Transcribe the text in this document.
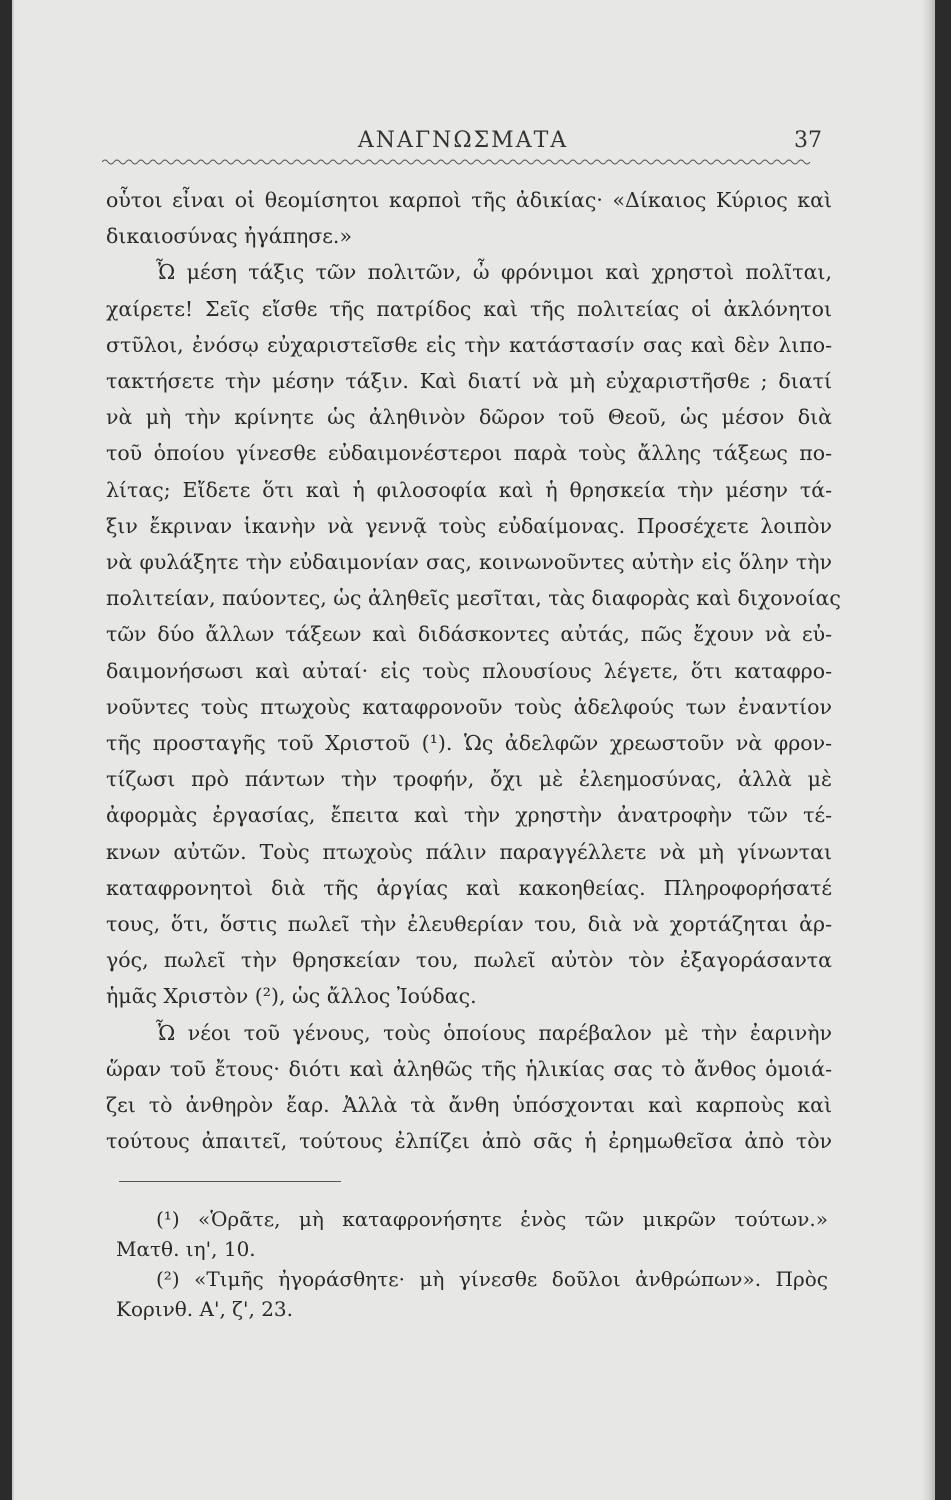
ΑΝΑΓΝΩΣΜΑΤΑ	37
οὗτοι εἶναι οἱ θεομίσητοι καρποὶ τῆς ἀδικίας· «Δίκαιος Κύριος καὶ
δικαιοσύνας ἠγάπησε.»
Ὦ μέση τάξις τῶν πολιτῶν, ὦ φρόνιμοι καὶ χρηστοὶ πολῖται,
χαίρετε! Σεῖς εἴσθε τῆς πατρίδος καὶ τῆς πολιτείας οἱ ἀκλόνητοι
στῦλοι, ἐνόσῳ εὐχαριστεῖσθε εἰς τὴν κατάστασίν σας καὶ δὲν λιπο-
τακτήσετε τὴν μέσην τάξιν. Καὶ διατί νὰ μὴ εὐχαριστῆσθε ; διατί
νὰ μὴ τὴν κρίνητε ὡς ἀληθινὸν δῶρον τοῦ Θεοῦ, ὡς μέσον διὰ
τοῦ ὁποίου γίνεσθε εὐδαιμονέστεροι παρὰ τοὺς ἄλλης τάξεως πο-
λίτας; Εἴδετε ὅτι καὶ ἡ φιλοσοφία καὶ ἡ θρησκεία τὴν μέσην τά-
ξιν ἔκριναν ἱκανὴν νὰ γεννᾷ τοὺς εὐδαίμονας. Προσέχετε λοιπὸν
νὰ φυλάξητε τὴν εὐδαιμονίαν σας, κοινωνοῦντες αὐτὴν εἰς ὅλην τὴν
πολιτείαν, παύοντες, ὡς ἀληθεῖς μεσῖται, τὰς διαφορὰς καὶ διχονοίας
τῶν δύο ἄλλων τάξεων καὶ διδάσκοντες αὐτάς, πῶς ἔχουν νὰ εὐ-
δαιμονήσωσι καὶ αὐταί· εἰς τοὺς πλουσίους λέγετε, ὅτι καταφρο-
νοῦντες τοὺς πτωχοὺς καταφρονοῦν τοὺς ἀδελφούς των ἐναντίον
τῆς προσταγῆς τοῦ Χριστοῦ (¹). Ὡς ἀδελφῶν χρεωστοῦν νὰ φρον-
τίζωσι πρὸ πάντων τὴν τροφήν, ὄχι μὲ ἐλεημοσύνας, ἀλλὰ μὲ
ἀφορμὰς ἐργασίας, ἔπειτα καὶ τὴν χρηστὴν ἀνατροφὴν τῶν τέ-
κνων αὐτῶν. Τοὺς πτωχοὺς πάλιν παραγγέλλετε νὰ μὴ γίνωνται
καταφρονητοὶ διὰ τῆς ἀργίας καὶ κακοηθείας. Πληροφορήσατέ
τους, ὅτι, ὅστις πωλεῖ τὴν ἐλευθερίαν του, διὰ νὰ χορτάζηται ἀρ-
γός, πωλεῖ τὴν θρησκείαν του, πωλεῖ αὐτὸν τὸν ἐξαγοράσαντα
ἡμᾶς Χριστὸν (²), ὡς ἄλλος Ἰούδας.
Ὦ νέοι τοῦ γένους, τοὺς ὁποίους παρέβαλον μὲ τὴν ἐαρινὴν
ὥραν τοῦ ἔτους· διότι καὶ ἀληθῶς τῆς ἡλικίας σας τὸ ἄνθος ὁμοιά-
ζει τὸ ἀνθηρὸν ἔαρ. Ἀλλὰ τὰ ἄνθη ὑπόσχονται καὶ καρποὺς καὶ
τούτους ἀπαιτεῖ, τούτους ἐλπίζει ἀπὸ σᾶς ἡ ἐρημωθεῖσα ἀπὸ τὸν
(¹) «Ὁρᾶτε, μὴ καταφρονήσητε ἑνὸς τῶν μικρῶν τούτων.»
Ματθ. ιη', 10.
(²) «Τιμῆς ἠγοράσθητε· μὴ γίνεσθε δοῦλοι ἀνθρώπων». Πρὸς
Κορινθ. Α', ζ', 23.
